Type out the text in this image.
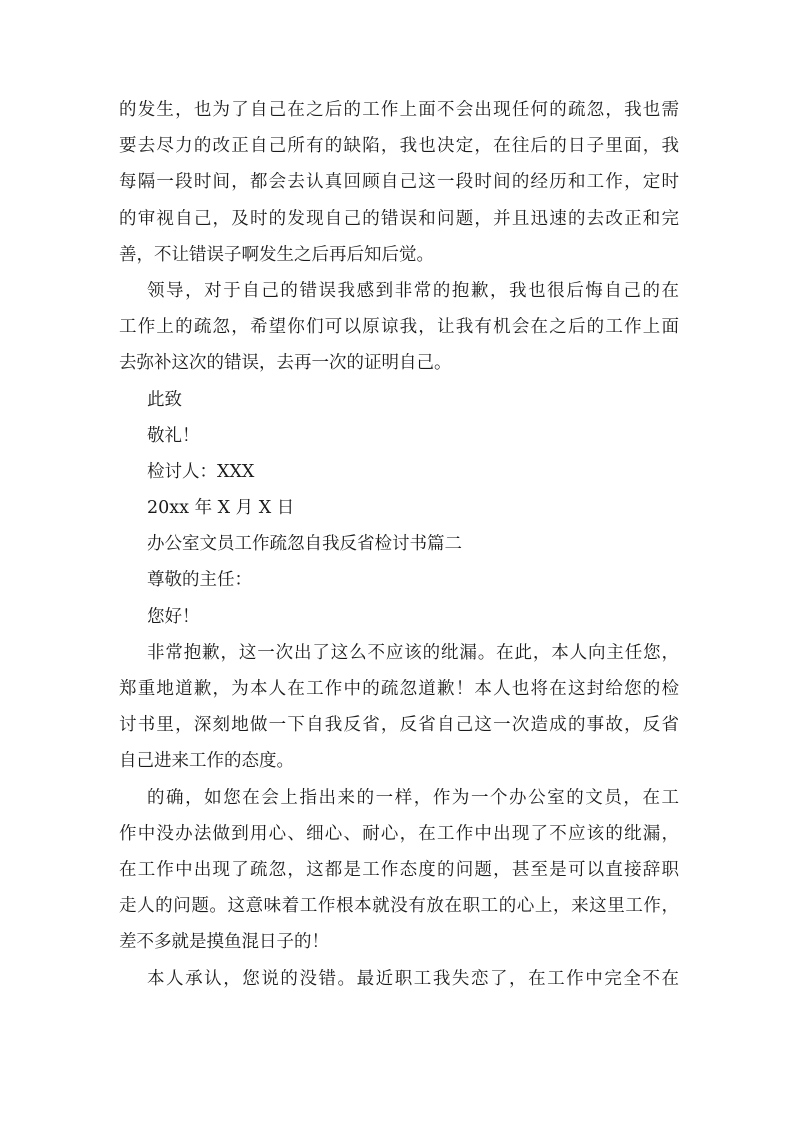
的发生，也为了自己在之后的工作上面不会出现任何的疏忽，我也需
要去尽力的改正自己所有的缺陷，我也决定，在往后的日子里面，我
每隔一段时间，都会去认真回顾自己这一段时间的经历和工作，定时
的审视自己，及时的发现自己的错误和问题，并且迅速的去改正和完
善，不让错误子啊发生之后再后知后觉。
领导，对于自己的错误我感到非常的抱歉，我也很后悔自己的在
工作上的疏忽，希望你们可以原谅我，让我有机会在之后的工作上面
去弥补这次的错误，去再一次的证明自己。
此致
敬礼！
检讨人：XXX
20xx 年 X 月 X 日
办公室文员工作疏忽自我反省检讨书篇二
尊敬的主任：
您好！
非常抱歉，这一次出了这么不应该的纰漏。在此，本人向主任您，
郑重地道歉，为本人在工作中的疏忽道歉！本人也将在这封给您的检
讨书里，深刻地做一下自我反省，反省自己这一次造成的事故，反省
自己进来工作的态度。
的确，如您在会上指出来的一样，作为一个办公室的文员，在工
作中没办法做到用心、细心、耐心，在工作中出现了不应该的纰漏，
在工作中出现了疏忽，这都是工作态度的问题，甚至是可以直接辞职
走人的问题。这意味着工作根本就没有放在职工的心上，来这里工作，
差不多就是摸鱼混日子的！
本人承认，您说的没错。最近职工我失恋了，在工作中完全不在
